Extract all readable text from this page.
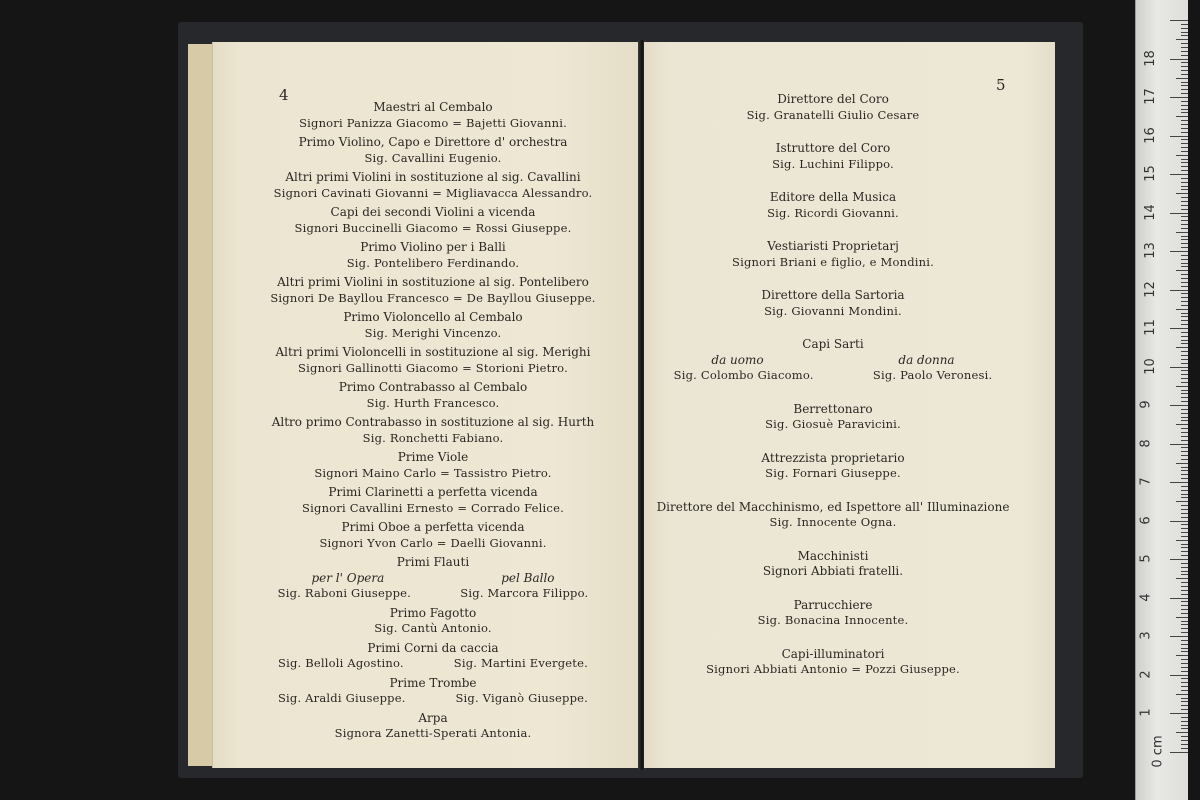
4
Maestri al Cembalo
Signori Panizza Giacomo = Bajetti Giovanni.
Primo Violino, Capo e Direttore d' orchestra
Sig. Cavallini Eugenio.
Altri primi Violini in sostituzione al sig. Cavallini
Signori Cavinati Giovanni = Migliavacca Alessandro.
Capi dei secondi Violini a vicenda
Signori Buccinelli Giacomo = Rossi Giuseppe.
Primo Violino per i Balli
Sig. Pontelibero Ferdinando.
Altri primi Violini in sostituzione al sig. Pontelibero
Signori De Bayllou Francesco = De Bayllou Giuseppe.
Primo Violoncello al Cembalo
Sig. Merighi Vincenzo.
Altri primi Violoncelli in sostituzione al sig. Merighi
Signori Gallinotti Giacomo = Storioni Pietro.
Primo Contrabasso al Cembalo
Sig. Hurth Francesco.
Altro primo Contrabasso in sostituzione al sig. Hurth
Sig. Ronchetti Fabiano.
Prime Viole
Signori Maino Carlo = Tassistro Pietro.
Primi Clarinetti a perfetta vicenda
Signori Cavallini Ernesto = Corrado Felice.
Primi Oboe a perfetta vicenda
Signori Yvon Carlo = Daelli Giovanni.
Primi Flauti
per l' Opera	pel Ballo
Sig. Raboni Giuseppe.	Sig. Marcora Filippo.
Primo Fagotto
Sig. Cantù Antonio.
Primi Corni da caccia
Sig. Belloli Agostino.	Sig. Martini Evergete.
Prime Trombe
Sig. Araldi Giuseppe.	Sig. Viganò Giuseppe.
Arpa
Signora Zanetti-Sperati Antonia.
5
Direttore del Coro
Sig. Granatelli Giulio Cesare
Istruttore del Coro
Sig. Luchini Filippo.
Editore della Musica
Sig. Ricordi Giovanni.
Vestiaristi Proprietarj
Signori Briani e figlio, e Mondini.
Direttore della Sartoria
Sig. Giovanni Mondini.
Capi Sarti
da uomo	da donna
Sig. Colombo Giacomo.	Sig. Paolo Veronesi.
Berrettonaro
Sig. Giosuè Paravicini.
Attrezzista proprietario
Sig. Fornari Giuseppe.
Direttore del Macchinismo, ed Ispettore all' Illuminazione
Sig. Innocente Ogna.
Macchinisti
Signori Abbiati fratelli.
Parrucchiere
Sig. Bonacina Innocente.
Capi-illuminatori
Signori Abbiati Antonio = Pozzi Giuseppe.
18
17
16
15
14
13
12
11
10
9
8
7
6
5
4
3
2
1
0 cm
